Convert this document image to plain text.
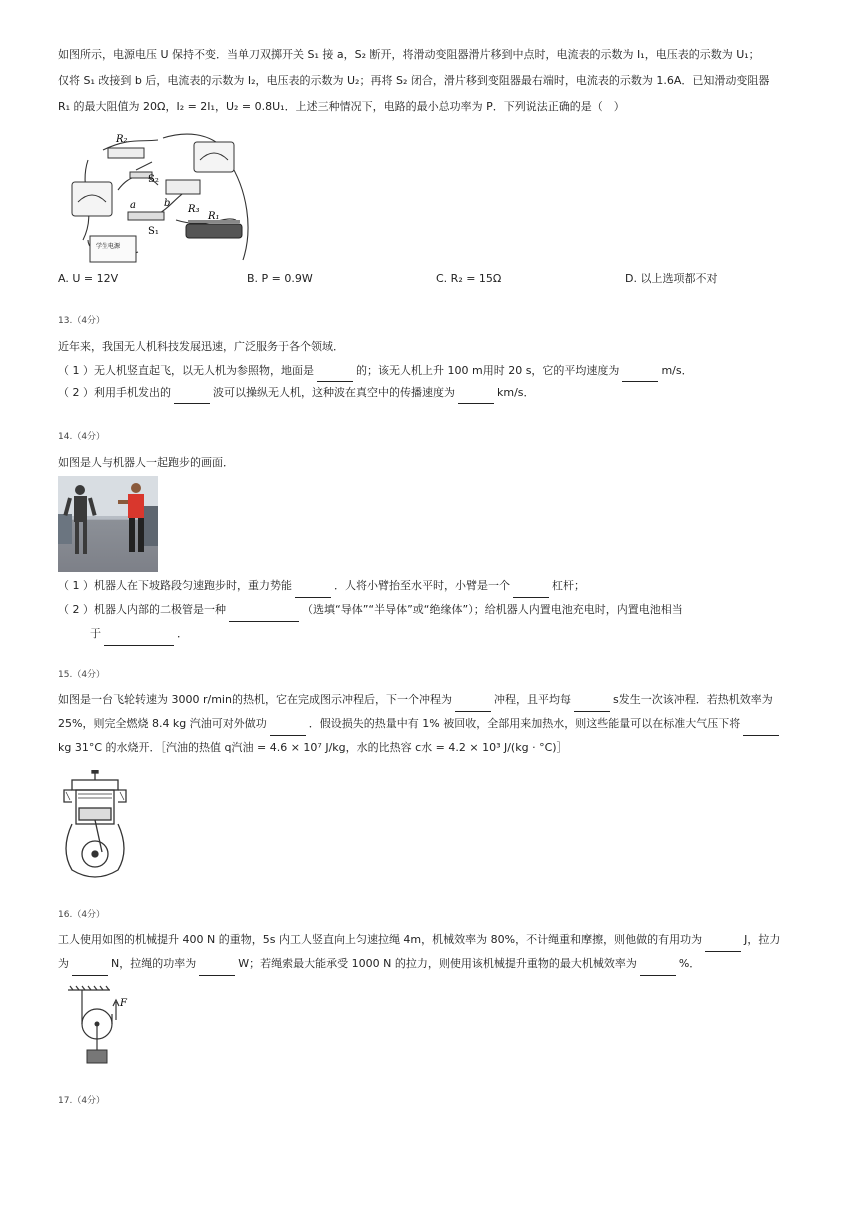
如图所示，电源电压 U 保持不变．当单刀双掷开关 S₁ 接 a，S₂ 断开，将滑动变阻器滑片移到中点时，电流表的示数为 I₁，电压表的示数为 U₁；
仅将 S₁ 改接到 b 后，电流表的示数为 I₂，电压表的示数为 U₂；再将 S₂ 闭合，滑片移到变阻器最右端时，电流表的示数为 1.6A．已知滑动变阻器
R₁ 的最大阻值为 20Ω，I₂ = 2I₁，U₂ = 0.8U₁．上述三种情况下，电路的最小总功率为 P．下列说法正确的是（　）
R₂
S₂
R₃
a	b
S₁
R₁
学生电源
A. U = 12V	B. P = 0.9W	C. R₂ = 15Ω	D. 以上选项都不对
13.（4分）
近年来，我国无人机科技发展迅速，广泛服务于各个领域．
（ 1 ）无人机竖直起飞，以无人机为参照物，地面是	的；该无人机上升 100 m用时 20 s，它的平均速度为	m/s．
（ 2 ）利用手机发出的	波可以操纵无人机，这种波在真空中的传播速度为	km/s．
14.（4分）
如图是人与机器人一起跑步的画面．
（ 1 ）机器人在下坡路段匀速跑步时，重力势能	．人将小臂抬至水平时，小臂是一个	杠杆；
（ 2 ）机器人内部的二极管是一种	（选填“导体”“半导体”或“绝缘体”）；给机器人内置电池充电时，内置电池相当
于	．
15.（4分）
如图是一台飞轮转速为 3000 r/min的热机，它在完成图示冲程后，下一个冲程为	冲程，且平均每	s发生一次该冲程．若热机效率为
25%，则完全燃烧 8.4 kg 汽油可对外做功	．假设损失的热量中有 1% 被回收，全部用来加热水，则这些能量可以在标准大气压下将
kg 31°C 的水烧开．［汽油的热值 q汽油 = 4.6 × 10⁷ J/kg，水的比热容 c水 = 4.2 × 10³ J/(kg · °C)］
16.（4分）
工人使用如图的机械提升 400 N 的重物，5s 内工人竖直向上匀速拉绳 4m，机械效率为 80%，不计绳重和摩擦，则他做的有用功为	J，拉力
为	N，拉绳的功率为	W；若绳索最大能承受 1000 N 的拉力，则使用该机械提升重物的最大机械效率为	%．
F
17.（4分）
